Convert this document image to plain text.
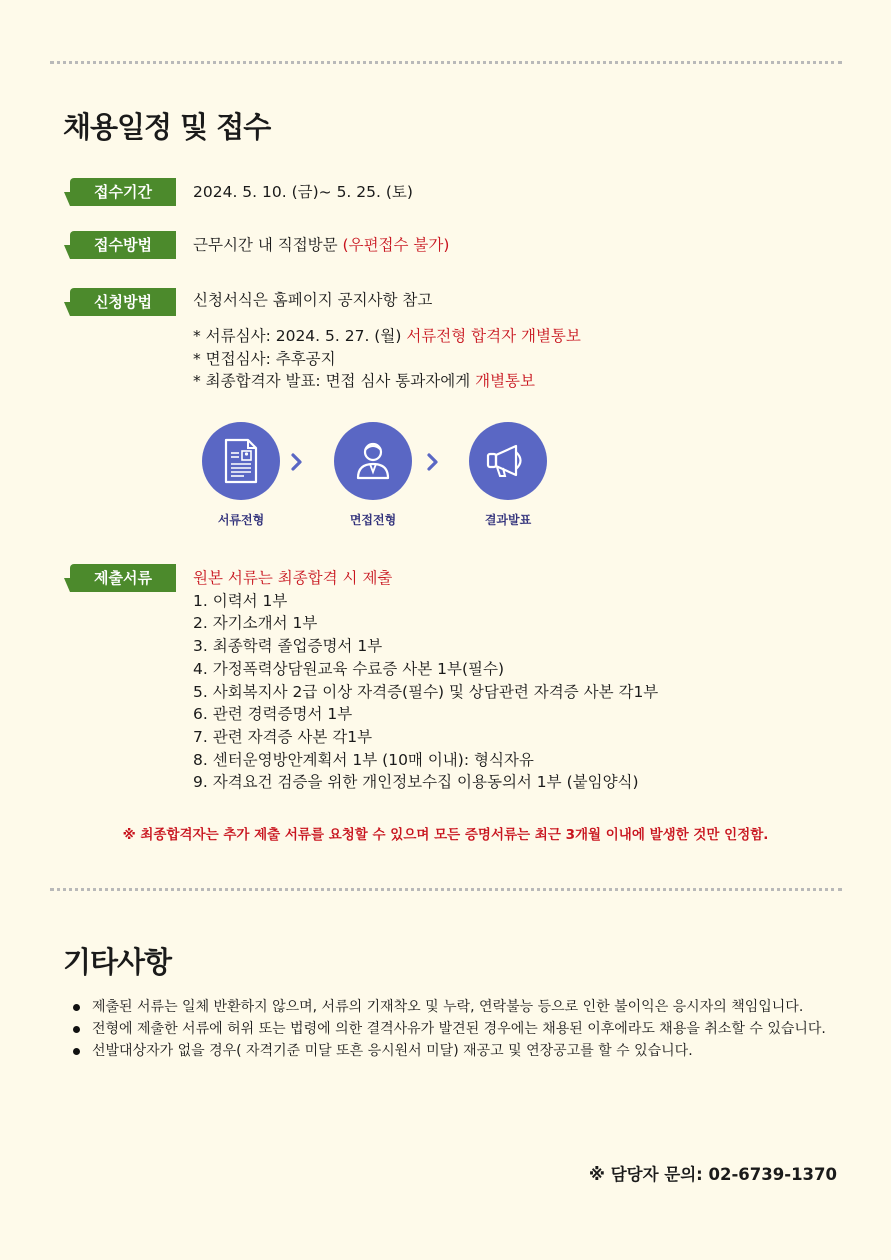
채용일정 및 접수
접수기간	2024. 5. 10. (금)~ 5. 25. (토)
접수방법	근무시간 내 직접방문 (우편접수 불가)
신청방법	신청서식은 홈페이지 공지사항 참고
* 서류심사: 2024. 5. 27. (월) 서류전형 합격자 개별통보
* 면접심사: 추후공지
* 최종합격자 발표: 면접 심사 통과자에게 개별통보
서류전형	면접전형	결과발표
제출서류	원본 서류는 최종합격 시 제출
1. 이력서 1부
2. 자기소개서 1부
3. 최종학력 졸업증명서 1부
4. 가정폭력상담원교육 수료증 사본 1부(필수)
5. 사회복지사 2급 이상 자격증(필수) 및 상담관련 자격증 사본 각1부
6. 관련 경력증명서 1부
7. 관련 자격증 사본 각1부
8. 센터운영방안계획서 1부 (10매 이내): 형식자유
9. 자격요건 검증을 위한 개인정보수집 이용동의서 1부 (붙임양식)
※ 최종합격자는 추가 제출 서류를 요청할 수 있으며 모든 증명서류는 최근 3개월 이내에 발생한 것만 인정함.
기타사항
제출된 서류는 일체 반환하지 않으며, 서류의 기재착오 및 누락, 연락불능 등으로 인한 불이익은 응시자의 책임입니다.
전형에 제출한 서류에 허위 또는 법령에 의한 결격사유가 발견된 경우에는 채용된 이후에라도 채용을 취소할 수 있습니다.
선발대상자가 없을 경우( 자격기준 미달 또흔 응시원서 미달) 재공고 및 연장공고를 할 수 있습니다.
※ 담당자 문의: 02-6739-1370
